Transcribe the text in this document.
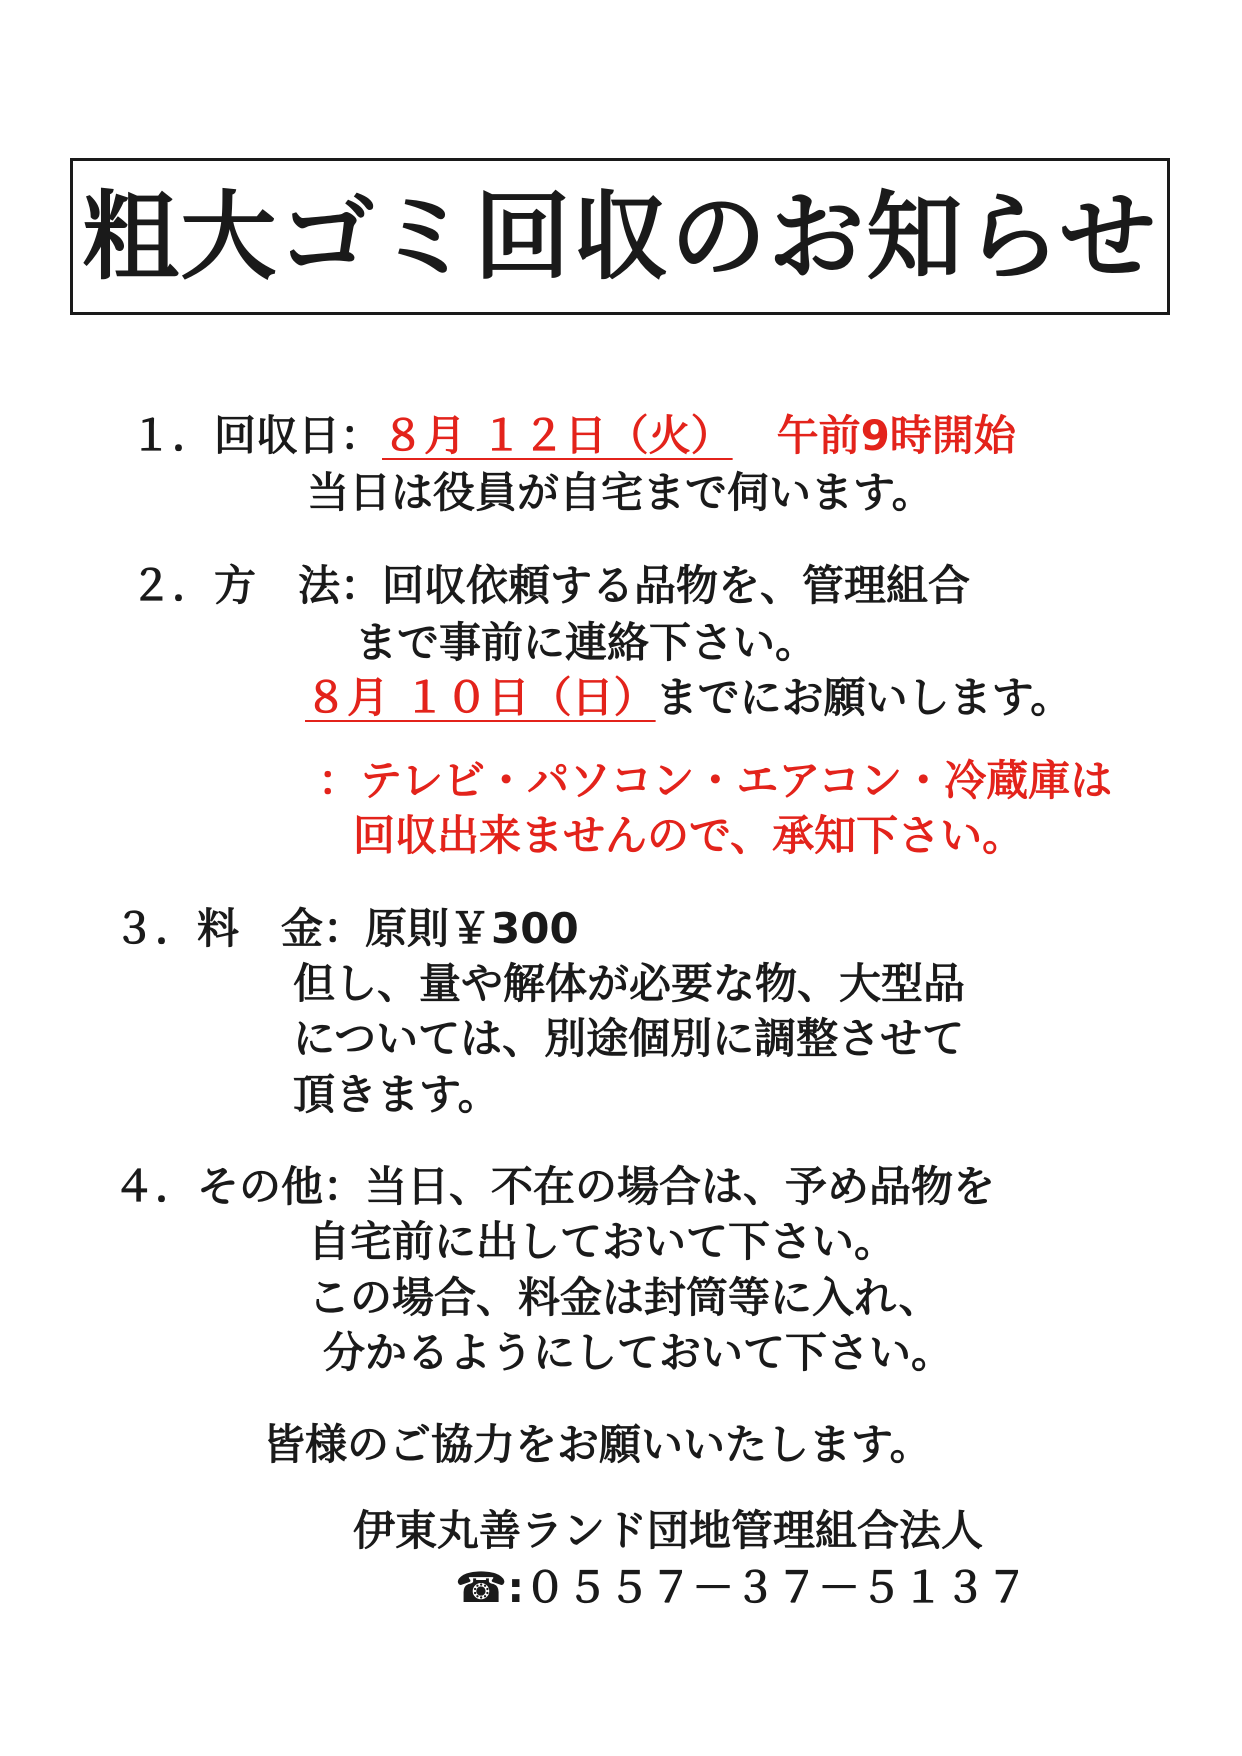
粗大ゴミ回収のお知らせ
１．回収日：８月 １２日（火） 午前9時開始
当日は役員が自宅まで伺います。
２．方　法：回収依頼する品物を、管理組合
まで事前に連絡下さい。
８月 １０日（日）までにお願いします。
：テレビ・パソコン・エアコン・冷蔵庫は
回収出来ませんので、承知下さい。
３．料　金：原則￥300
但し、量や解体が必要な物、大型品
については、別途個別に調整させて
頂きます。
４．その他：当日、不在の場合は、予め品物を
自宅前に出しておいて下さい。
この場合、料金は封筒等に入れ、
分かるようにしておいて下さい。
皆様のご協力をお願いいたします。
伊東丸善ランド団地管理組合法人
☎:０５５７－３７－５１３７
